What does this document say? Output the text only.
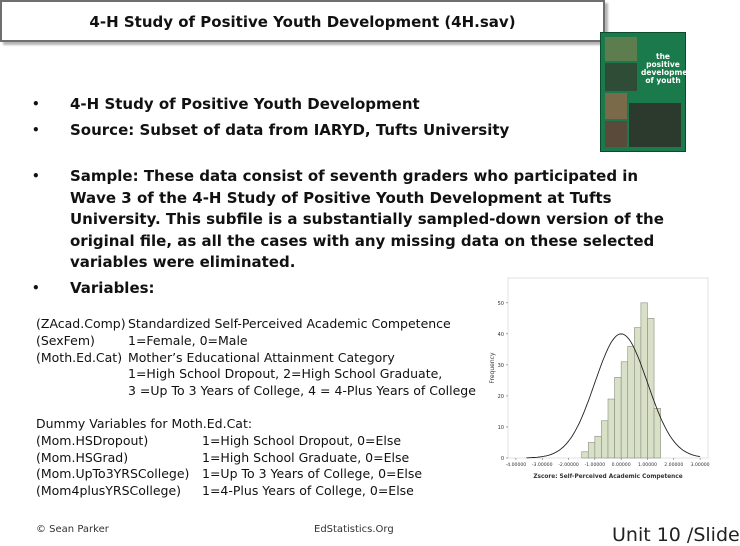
4-H Study of Positive Youth Development (4H.sav)
the positive
development
of youth
• 4-H Study of Positive Youth Development
• Source: Subset of data from IARYD, Tufts University
• Sample: These data consist of seventh graders who participated in
Wave 3 of the 4-H Study of Positive Youth Development at Tufts
University. This subfile is a substantially sampled-down version of the
original file, as all the cases with any missing data on these selected
variables were eliminated.
• Variables:
(ZAcad.Comp) Standardized Self-Perceived Academic Competence
(SexFem)	1=Female, 0=Male
(Moth.Ed.Cat) Mother’s Educational Attainment Category
1=High School Dropout, 2=High School Graduate,
3 =Up To 3 Years of College, 4 = 4-Plus Years of College
Dummy Variables for Moth.Ed.Cat:
(Mom.HSDropout)	1=High School Dropout, 0=Else
(Mom.HSGrad)	1=High School Graduate, 0=Else
(Mom.UpTo3YRSCollege) 1=Up To 3 Years of College, 0=Else
(Mom4plusYRSCollege) 1=4-Plus Years of College, 0=Else
50
40
30
20
10
0
-4.00000 -3.00000 -2.00000 -1.00000 0.00000 1.00000 2.00000 3.00000
Frequency
Zscore: Self-Perceived Academic Competence
© Sean Parker	EdStatistics.Org	Unit 10 /Slide
